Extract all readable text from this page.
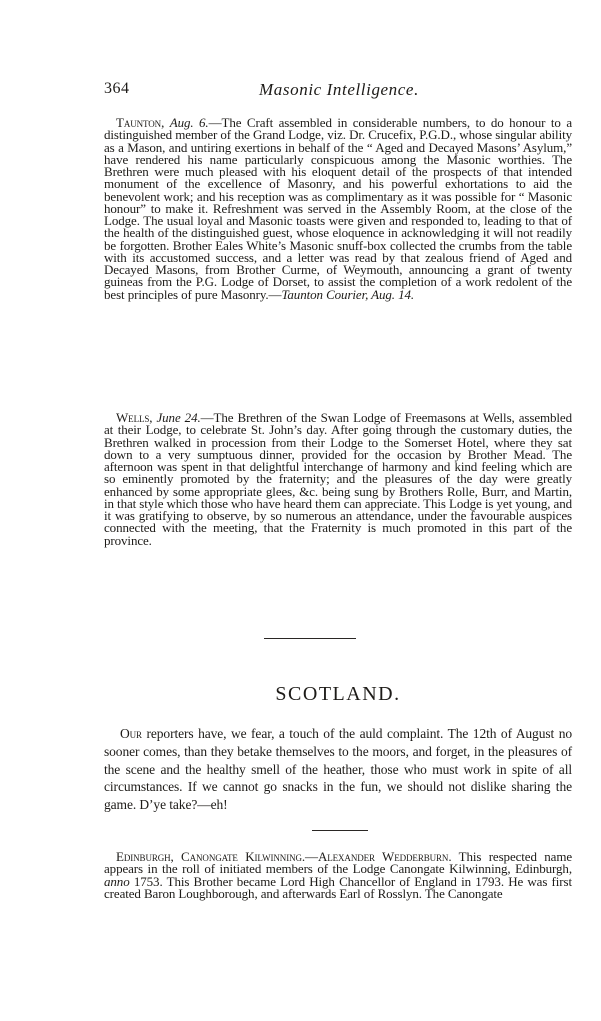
364	Masonic Intelligence.

Taunton, Aug. 6.—The Craft assembled in considerable numbers, to do honour to a distinguished member of the Grand Lodge, viz. Dr. Crucefix, P.G.D., whose singular ability as a Mason, and untiring exertions in behalf of the “ Aged and Decayed Masons’ Asylum,” have rendered his name particularly conspicuous among the Masonic worthies. The Brethren were much pleased with his eloquent detail of the prospects of that intended monument of the excellence of Masonry, and his powerful exhortations to aid the benevolent work; and his reception was as complimentary as it was possible for “ Masonic honour” to make it. Refreshment was served in the Assembly Room, at the close of the Lodge. The usual loyal and Masonic toasts were given and responded to, leading to that of the health of the distinguished guest, whose eloquence in acknowledging it will not readily be forgotten. Brother Eales White’s Masonic snuff-box collected the crumbs from the table with its accustomed success, and a letter was read by that zealous friend of Aged and Decayed Masons, from Brother Curme, of Weymouth, announcing a grant of twenty guineas from the P.G. Lodge of Dorset, to assist the completion of a work redolent of the best principles of pure Masonry.—Taunton Courier, Aug. 14.

Wells, June 24.—The Brethren of the Swan Lodge of Freemasons at Wells, assembled at their Lodge, to celebrate St. John’s day. After going through the customary duties, the Brethren walked in procession from their Lodge to the Somerset Hotel, where they sat down to a very sumptuous dinner, provided for the occasion by Brother Mead. The afternoon was spent in that delightful interchange of harmony and kind feeling which are so eminently promoted by the fraternity; and the pleasures of the day were greatly enhanced by some appropriate glees, &c. being sung by Brothers Rolle, Burr, and Martin, in that style which those who have heard them can appreciate. This Lodge is yet young, and it was gratifying to observe, by so numerous an attendance, under the favourable auspices connected with the meeting, that the Fraternity is much promoted in this part of the province.

SCOTLAND.

Our reporters have, we fear, a touch of the auld complaint. The 12th of August no sooner comes, than they betake themselves to the moors, and forget, in the pleasures of the scene and the healthy smell of the heather, those who must work in spite of all circumstances. If we cannot go snacks in the fun, we should not dislike sharing the game. D’ye take?—eh!

Edinburgh, Canongate Kilwinning.—Alexander Wedderburn. This respected name appears in the roll of initiated members of the Lodge Canongate Kilwinning, Edinburgh, anno 1753. This Brother became Lord High Chancellor of England in 1793. He was first created Baron Loughborough, and afterwards Earl of Rosslyn. The Canongate
